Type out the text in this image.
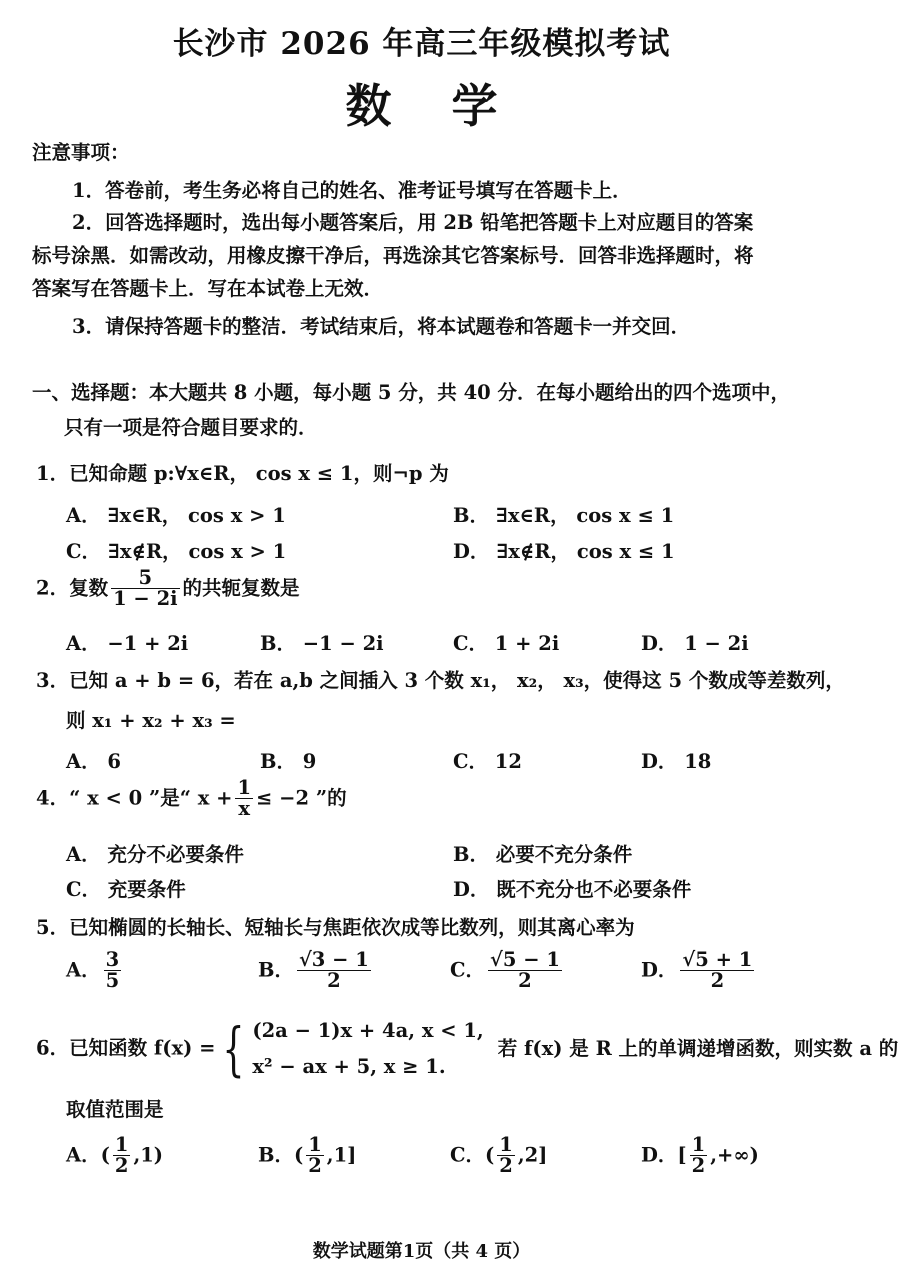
长沙市 2026 年高三年级模拟考试
数学
注意事项：
1．答卷前，考生务必将自己的姓名、准考证号填写在答题卡上．
2．回答选择题时，选出每小题答案后，用 2B 铅笔把答题卡上对应题目的答案
标号涂黑．如需改动，用橡皮擦干净后，再选涂其它答案标号．回答非选择题时，将
答案写在答题卡上．写在本试卷上无效．
3．请保持答题卡的整洁．考试结束后，将本试题卷和答题卡一并交回．
一、选择题：本大题共 8 小题，每小题 5 分，共 40 分．在每小题给出的四个选项中，
只有一项是符合题目要求的．
1．已知命题 p:∀x∈R， cos x ≤ 1，则¬p 为
A． ∃x∈R， cos x > 1	B． ∃x∈R， cos x ≤ 1
C． ∃x∉R， cos x > 1	D． ∃x∉R， cos x ≤ 1
2．复数 $\frac{5}{1 - 2i}$ 的共轭复数是
A． −1 + 2i	B． −1 − 2i	C． 1 + 2i	D． 1 − 2i
3．已知 a + b = 6，若在 a,b 之间插入 3 个数 x₁， x₂， x₃，使得这 5 个数成等差数列，
则 x₁ + x₂ + x₃ =
A． 6	B． 9	C． 12	D． 18
4．“ x < 0 ”是“ $x + \frac{1}{x} \le -2$ ”的
A． 充分不必要条件	B． 必要不充分条件
C． 充要条件	D． 既不充分也不必要条件
5．已知椭圆的长轴长、短轴长与焦距依次成等比数列，则其离心率为
A． $\frac{3}{5}$	B． $\frac{√3 - 1}{2}$	C． $\frac{√5 - 1}{2}$	D． $\frac{√5 + 1}{2}$
6．已知函数 f(x) = { (2a − 1)x + 4a, x < 1,
x² − ax + 5, x ≥ 1.
若 f(x) 是 R 上的单调递增函数，则实数 a 的
取值范围是
A．( $\frac{1}{2} ,1$)	B．( $\frac{1}{2} ,1$]	C．( $\frac{1}{2} ,2$]	D．[ $\frac{1}{2}$ ,+∞)
数学试题第1页（共 4 页）
